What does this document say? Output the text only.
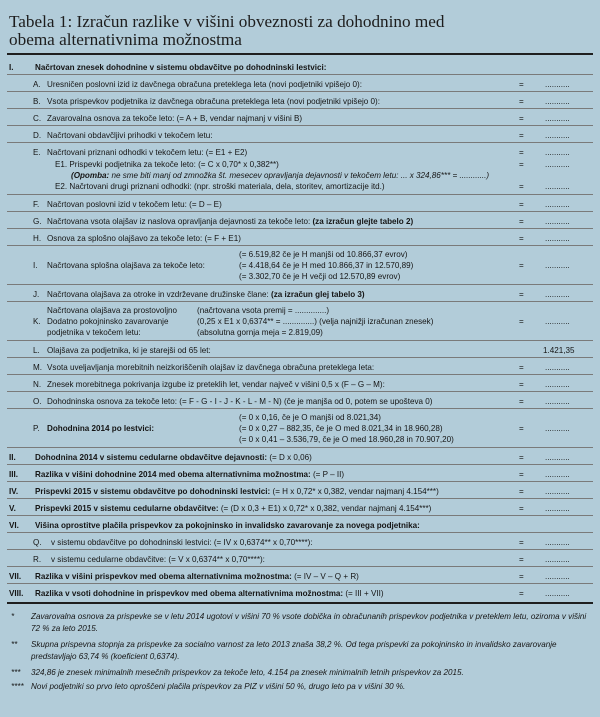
Tabela 1: Izračun razlike v višini obveznosti za dohodnino med obema alternativnima možnostma
I.	Načrtovan znesek dohodnine v sistemu obdavčitve po dohodninski lestvici:
A. Uresničen poslovni izid iz davčnega obračuna preteklega leta (novi podjetniki vpišejo 0):	=	...........
B. Vsota prispevkov podjetnika iz davčnega obračuna preteklega leta (novi podjetniki vpišejo 0):	=	...........
C. Zavarovalna osnova za tekoče leto: (= A + B, vendar najmanj v višini B)	=	...........
D. Načrtovani obdavčljivi prihodki v tekočem letu:	=	...........
E. Načrtovani priznani odhodki v tekočem letu: (= E1 + E2)	=	...........
E1. Prispevki podjetnika za tekoče leto: (= C x 0,70* x 0,382**)	=	...........
(Opomba: ne sme biti manj od zmnožka št. mesecev opravljanja dejavnosti v tekočem letu: ... x 324,86*** = ............)
E2. Načrtovani drugi priznani odhodki: (npr. stroški materiala, dela, storitev, amortizacije itd.)	=	...........
F. Načrtovan poslovni izid v tekočem letu: (= D – E)	=	...........
G. Načrtovana vsota olajšav iz naslova opravljanja dejavnosti za tekoče leto: (za izračun glejte tabelo 2)	=	...........
H. Osnova za splošno olajšavo za tekoče leto: (= F + E1)	=	...........
(= 6.519,82 če je H manjši od 10.866,37 evrov)
I. Načrtovana splošna olajšava za tekoče leto:	(= 4.418,64 če je H med 10.866,37 in 12.570,89)	=	...........
(= 3.302,70 če je H večji od 12.570,89 evrov)
J. Načrtovana olajšava za otroke in vzdrževane družinske člane: (za izračun glej tabelo 3)	=	...........
Načrtovana olajšava za prostovoljno (načrtovana vsota premij = ..............)
K. Dodatno pokojninsko zavarovanje	(0,25 x E1 x 0,6374** = ..............) (velja najnižji izračunan znesek)	=	...........
podjetnika v tekočem letu:	(absolutna gornja meja = 2.819,09)
L. Olajšava za podjetnika, ki je starejši od 65 let:	1.421,35
M. Vsota uveljavljanja morebitnih neizkoriščenih olajšav iz davčnega obračuna preteklega leta:	=	...........
N. Znesek morebitnega pokrivanja izgube iz preteklih let, vendar največ v višini 0,5 x (F – G – M):	=	...........
O. Dohodninska osnova za tekoče leto: (= F - G - I - J - K - L - M - N) (če je manjša od 0, potem se upošteva 0)	=	...........
(= 0 x 0,16, če je O manjši od 8.021,34)
P. Dohodnina 2014 po lestvici:	(= 0 x 0,27 – 882,35, če je O med 8.021,34 in 18.960,28)	=	...........
(= 0 x 0,41 – 3.536,79, če je O med 18.960,28 in 70.907,20)
II. Dohodnina 2014 v sistemu cedularne obdavčitve dejavnosti: (= D x 0,06)	=	...........
III. Razlika v višini dohodnine 2014 med obema alternativnima možnostma: (= P – II)	=	...........
IV. Prispevki 2015 v sistemu obdavčitve po dohodninski lestvici: (= H x 0,72* x 0,382, vendar najmanj 4.154***)	=	...........
V. Prispevki 2015 v sistemu cedularne obdavčitve: (= (D x 0,3 + E1) x 0,72* x 0,382, vendar najmanj 4.154***)	=	...........
VI. Višina oprostitve plačila prispevkov za pokojninsko in invalidsko zavarovanje za novega podjetnika:
Q. v sistemu obdavčitve po dohodninski lestvici: (= IV x 0,6374** x 0,70****):	=	...........
R. v sistemu cedularne obdavčitve: (= V x 0,6374** x 0,70****):	=	...........
VII. Razlika v višini prispevkov med obema alternativnima možnostma: (= IV – V – Q + R)	=	...........
VIII. Razlika v vsoti dohodnine in prispevkov med obema alternativnima možnostma: (= III + VII)	=	...........
* Zavarovalna osnova za prispevke se v letu 2014 ugotovi v višini 70 % vsote dobička in obračunanih prispevkov podjetnika v preteklem letu, oziroma v višini 72 % za leto 2015.
** Skupna prispevna stopnja za prispevke za socialno varnost za leto 2013 znaša 38,2 %. Od tega prispevki za pokojninsko in invalidsko zavarovanje predstavljajo 63,74 % (koeficient 0,6374).
*** 324,86 je znesek minimalnih mesečnih prispevkov za tekoče leto, 4.154 pa znesek minimalnih letnih prispevkov za 2015.
**** Novi podjetniki so prvo leto oproščeni plačila prispevkov za PIZ v višini 50 %, drugo leto pa v višini 30 %.
